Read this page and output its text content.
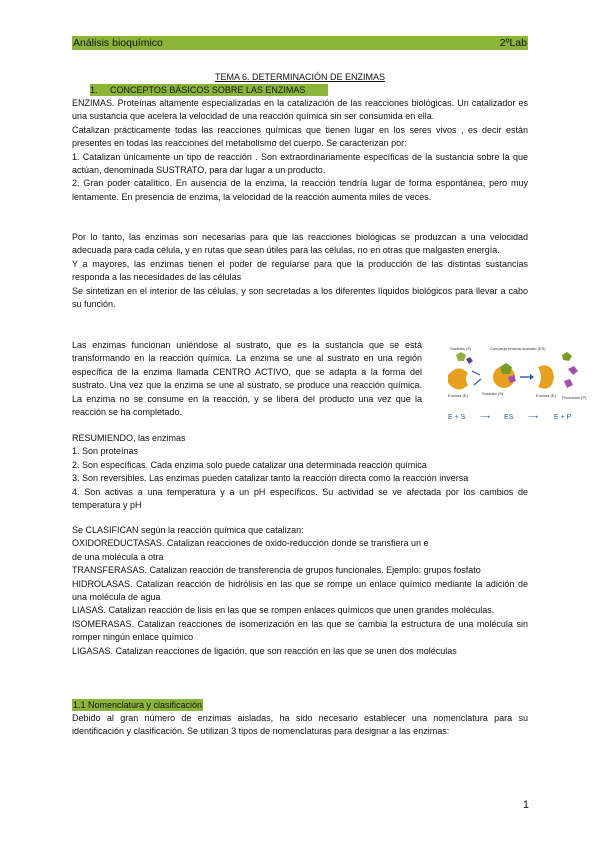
Análisis bioquímico	2ºLab
TEMA 6. DETERMINACIÓN DE ENZIMAS
1. CONCEPTOS BÁSICOS SOBRE LAS ENZIMAS

ENZIMAS. Proteínas altamente especializadas en la catalización de las reacciones biológicas. Un catalizador es una sustancia que acelera la velocidad de una reacción química sin ser consumida en ella.

Catalizan prácticamente todas las reacciones químicas que tienen lugar en los seres vivos , es decir están presentes en todas las reacciones del metabolismo del cuerpo. Se caracterizan por:

1. Catalizan únicamente un tipo de reacción . Son extraordinariamente específicas de la sustancia sobre la que actúan, denominada SUSTRATO, para dar lugar a un producto.

2. Gran poder catalítico. En ausencia de la enzima, la reacción tendría lugar de forma espontánea, pero muy lentamente. En presencia de enzima, la velocidad de la reacción aumenta miles de veces.

Por lo tanto, las enzimas son necesarias para que las reacciones biológicas se produzcan a una velocidad adecuada para cada célula, y en rutas que sean útiles para las células, no en otras que malgasten energía.

Y a mayores, las enzimas tienen el poder de regularse para que la producción de las distintas sustancias responda a las necesidades de las células

Se sintetizan en el interior de las células, y son secretadas a los diferentes líquidos biológicos para llevar a cabo su función.

Las enzimas funcionan uniéndose al sustrato, que es la sustancia que se está transformando en la reacción química. La enzima se une al sustrato en una región específica de la enzima llamada CENTRO ACTIVO, que se adapta a la forma del sustrato. Una vez que la enzima se une al sustrato, se produce una reacción química. La enzima no se consume en la reacción, y se libera del producto una vez que la reacción se ha completado.

Sustrato (S)	Complejo enzima-sustrato (ES)
Enzima (E)	Sustrato (S)	Enzima (E) Productos (P)
E + S ⟶ ES ⟶ E + P

RESUMIENDO, las enzimas

1. Son proteínas

2. Son específicas. Cada enzima solo puede catalizar una determinada reacción química

3. Son reversibles. Las enzimas pueden catalizar tanto la reacción directa como la reacción inversa

4. Son activas a una temperatura y a un pH específicos. Su actividad se ve afectada por los cambios de temperatura y pH

Se CLASIFICAN según la reacción química que catalizan:

OXIDOREDUCTASAS. Catalizan reacciones de oxido-reducción donde se transfiera un e

de una molécula a otra

TRANSFERASAS. Catalizan reacción de transferencia de grupos funcionales. Ejemplo: grupos fosfato

HIDROLASAS. Catalizan reacción de hidrólisis en las que se rompe un enlace químico mediante la adición de una molécula de agua

LIASAS. Catalizan reacción de lisis en las que se rompen enlaces químicos que unen grandes moléculas.

ISOMERASAS. Catalizan reacciones de isomerización en las que se cambia la estructura de una molécula sin romper ningún enlace químico

LIGASAS. Catalizan reacciones de ligación, que son reacción en las que se unen dos moléculas

1.1 Nomenclatura y clasificación

Debido al gran número de enzimas aisladas, ha sido necesario establecer una nomenclatura para su identificación y clasificación. Se utilizan 3 tipos de nomenclaturas para designar a las enzimas:

1
